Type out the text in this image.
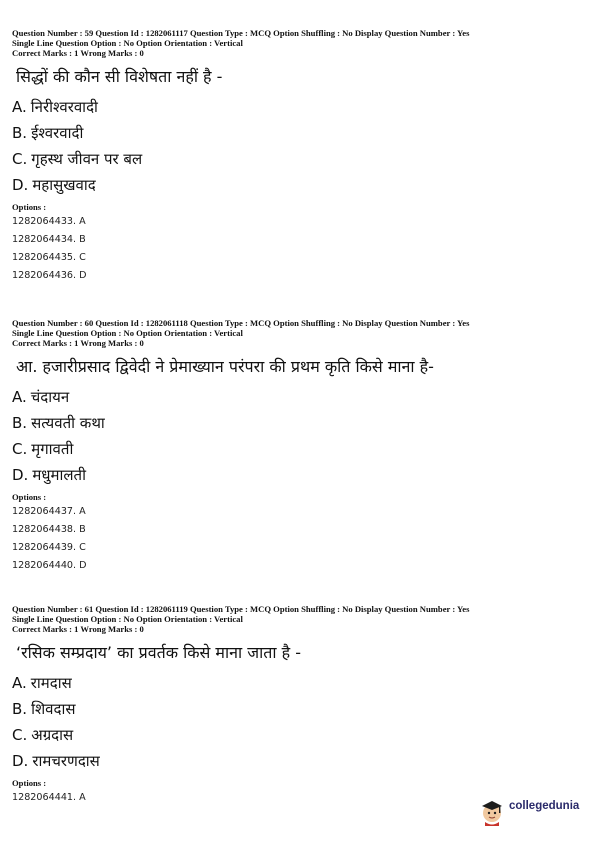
Question Number : 59 Question Id : 1282061117 Question Type : MCQ Option Shuffling : No Display Question Number : Yes
Single Line Question Option : No Option Orientation : Vertical
Correct Marks : 1 Wrong Marks : 0
सिद्धों की कौन सी विशेषता नहीं है -
A. निरीश्वरवादी
B. ईश्वरवादी
C. गृहस्थ जीवन पर बल
D. महासुखवाद
Options :
1282064433. A
1282064434. B
1282064435. C
1282064436. D
Question Number : 60 Question Id : 1282061118 Question Type : MCQ Option Shuffling : No Display Question Number : Yes
Single Line Question Option : No Option Orientation : Vertical
Correct Marks : 1 Wrong Marks : 0
आ. हजारीप्रसाद द्विवेदी ने प्रेमाख्यान परंपरा की प्रथम कृति किसे माना है-
A. चंदायन
B. सत्यवती कथा
C. मृगावती
D. मधुमालती
Options :
1282064437. A
1282064438. B
1282064439. C
1282064440. D
Question Number : 61 Question Id : 1282061119 Question Type : MCQ Option Shuffling : No Display Question Number : Yes
Single Line Question Option : No Option Orientation : Vertical
Correct Marks : 1 Wrong Marks : 0
‘रसिक सम्प्रदाय’ का प्रवर्तक किसे माना जाता है -
A. रामदास
B. शिवदास
C. अग्रदास
D. रामचरणदास
Options :
1282064441. A
collegedunia
